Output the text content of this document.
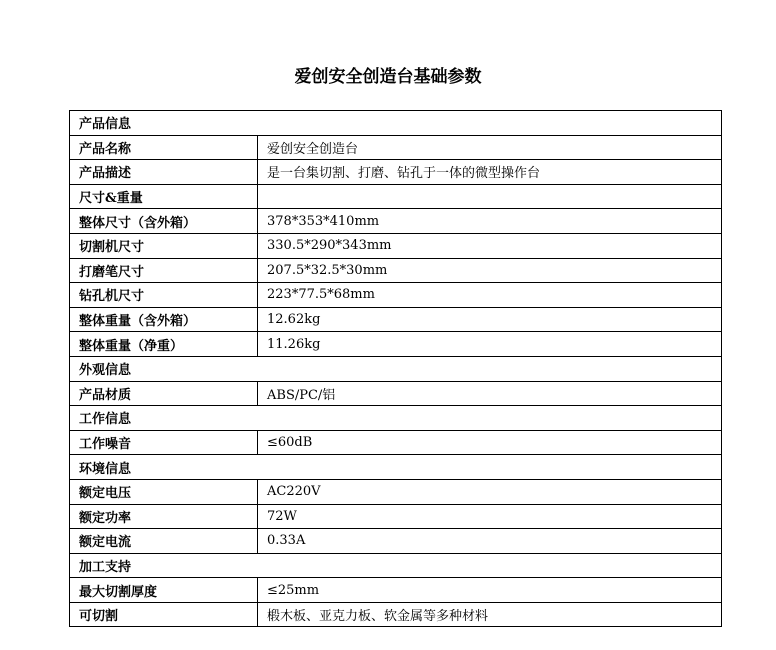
爱创安全创造台基础参数
产品信息	
产品名称	爱创安全创造台
产品描述	是一台集切割、打磨、钻孔于一体的微型操作台
尺寸&重量	
整体尺寸（含外箱）	378*353*410mm
切割机尺寸	330.5*290*343mm
打磨笔尺寸	207.5*32.5*30mm
钻孔机尺寸	223*77.5*68mm
整体重量（含外箱）	12.62kg
整体重量（净重）	11.26kg
外观信息	
产品材质	ABS/PC/铝
工作信息	
工作噪音	≤60dB
环境信息	
额定电压	AC220V
额定功率	72W
额定电流	0.33A
加工支持	
最大切割厚度	≤25mm
可切割	椴木板、亚克力板、软金属等多种材料
